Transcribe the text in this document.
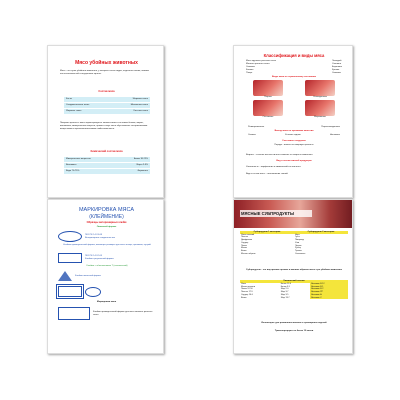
Мясо убойных животных
Мясо - это туша убойного животного, у которого снята шкура, отделены голова, нижние части конечностей и внутренние органы.
Состав мяса
Кости	Жировая ткань
Соединительная ткань	Мышечная ткань
Жировая ткань	Костная ткань
Пищевая ценность мяса характеризуется количеством и составом белков, жиров, витаминов, минеральных веществ, аромат и вкус мяса обусловлены экстрактивными веществами и органолептическими свойствами мяса.
Химический состав мяса
Минеральные вещества	Белки 18-22%
Витамины	Жиры 2-3%
Вода 70-75%	Ферменты
Классификация и виды мяса
Мясо крупного рогатого скота
Мелкого рогатого скота
Свинина
Конина
Птица
Лошадей
Оленина
Баранина
Кролик
Свинина
Виды мяса по термическому состоянию
Парное	Охлажденное
Остывшее	Мороженое
Размороженное	Переохлажденное
Выход мяса по признакам качества
Свежее	Условно годное	Несвежее
Состояние тендерное
Порода - влияет на пищевую ценность
Возраст - степень жесткости мяса зависит от возраста животного
Вид и состав мясной продукции
Упитанность - морфология и химический состав мяса
Вид и состав мяса - соотношение тканей
МАРКИРОВКА МЯСА
(КЛЕЙМЕНИЕ)
Образцы ветеринарных клейм
Овальной формы
ГБУ РФ 14-13-08
Ветеринарное свидетельство
Клеймо прямоугольной формы, имеющее размеры для мяса птицы, кроликов, нутрий
ГБУ РФ 14-12-03
Клеймо треугольной формы
Клеймо с обозначением Т (технический)
Клеймо овальной формы
Маркировка мяса
Клеймо прямоугольной формы для мяса мелкого рогатого скота
МЯСНЫЕ СУБПРОДУКТЫ
Субпродукты 1 категории	Субпродукты 2 категории
Язык говяжий	Ноги
Печень	Губы
Диафрагма	Пищевод
Сердце	Уши
Почки	Легкие
Мозги	Рубец
Вымя	Трахея
Мясная обрезь	Селезенка
Субпродукты - это внутренние органы и мясные обрезки части туш убойных животных
Химический состав
Язык	Белок 13.4	Витамин В 12
Мозги говяжьи	Белок 9.5	Витамин В 1
Почки 12.50	Жир 2.0	Витамин В 2
Печень 17.9	Жир 3.7	Витамин РР
Сердце 16.0	Жир 3.5	Витамин А
Вымя	Жир 13.7	Витамин С
Используют для розничных мясных и кулинарных изделий
Транспортируют не более 12 часов
